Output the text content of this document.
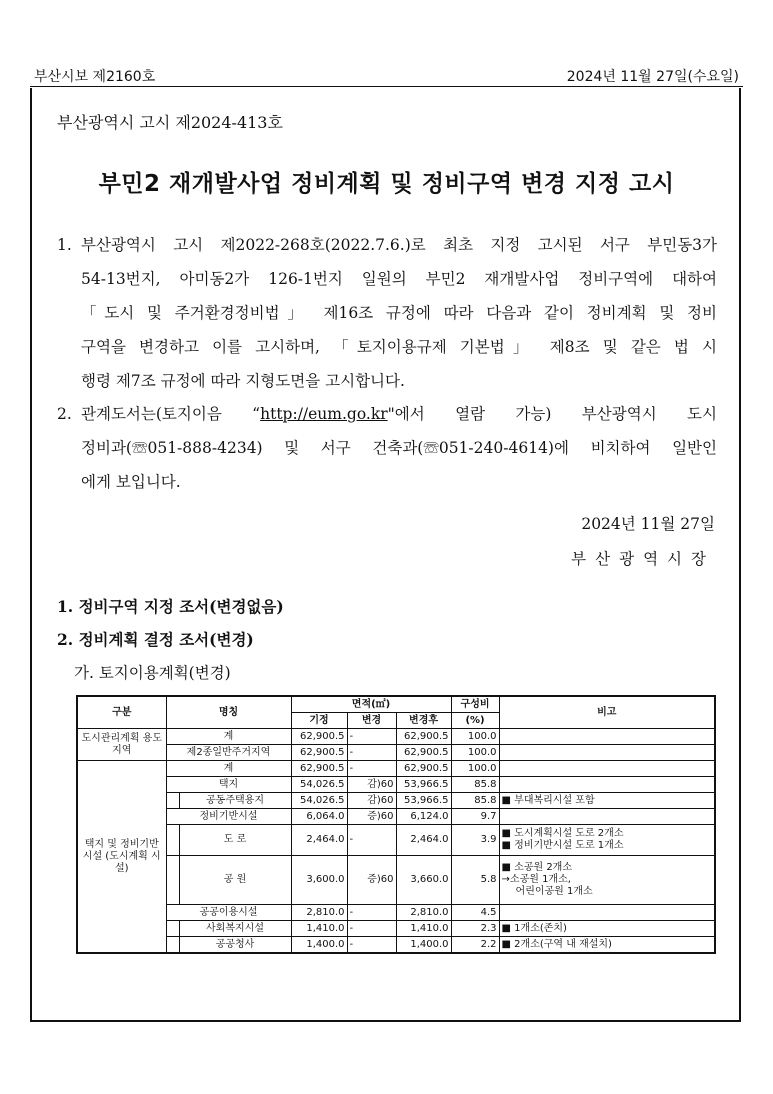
부산시보 제2160호	2024년 11월 27일(수요일)
부산광역시 고시 제2024-413호
부민2 재개발사업 정비계획 및 정비구역 변경 지정 고시
1. 부산광역시 고시 제2022-268호(2022.7.6.)로 최초 지정 고시된 서구 부민동3가
54-13번지, 아미동2가 126-1번지 일원의 부민2 재개발사업 정비구역에 대하여
「도시 및 주거환경정비법」 제16조 규정에 따라 다음과 같이 정비계획 및 정비
구역을 변경하고 이를 고시하며, 「토지이용규제 기본법」 제8조 및 같은 법 시
행령 제7조 규정에 따라 지형도면을 고시합니다.
2. 관계도서는(토지이음 “http://eum.go.kr"에서 열람 가능) 부산광역시 도시
정비과(☏051-888-4234) 및 서구 건축과(☏051-240-4614)에 비치하여 일반인
에게 보입니다.
2024년 11월 27일
부산광역시장
1. 정비구역 지정 조서(변경없음)
2. 정비계획 결정 조서(변경)
가. 토지이용계획(변경)
구분	명칭		면적(㎡)			구성비	비고
			기정	변경	변경후	(%)	
도시관리계획 용도지역	계		62,900.5	-	62,900.5	100.0	
	제2종일반주거지역		62,900.5	-	62,900.5	100.0	
택지 및 정비기반시설 (도시계획 시설)	계		62,900.5	-	62,900.5	100.0	
	택지		54,026.5	감)60	53,966.5	85.8	
		공동주택용지	54,026.5	감)60	53,966.5	85.8	■ 부대복리시설 포함
	정비기반시설		6,064.0	증)60	6,124.0	9.7	
		도 로	2,464.0	-	2,464.0	3.9	■ 도시계획시설 도로 2개소
■ 정비기반시설 도로 1개소

		공 원	3,600.0	증)60	3,660.0	5.8	■ 소공원 2개소
→소공원 1개소,
어린이공원 1개소

	공공이용시설		2,810.0	-	2,810.0	4.5	
		사회복지시설	1,410.0	-	1,410.0	2.3	■ 1개소(존치)
		공공청사	1,400.0	-	1,400.0	2.2	■ 2개소(구역 내 재설치)
